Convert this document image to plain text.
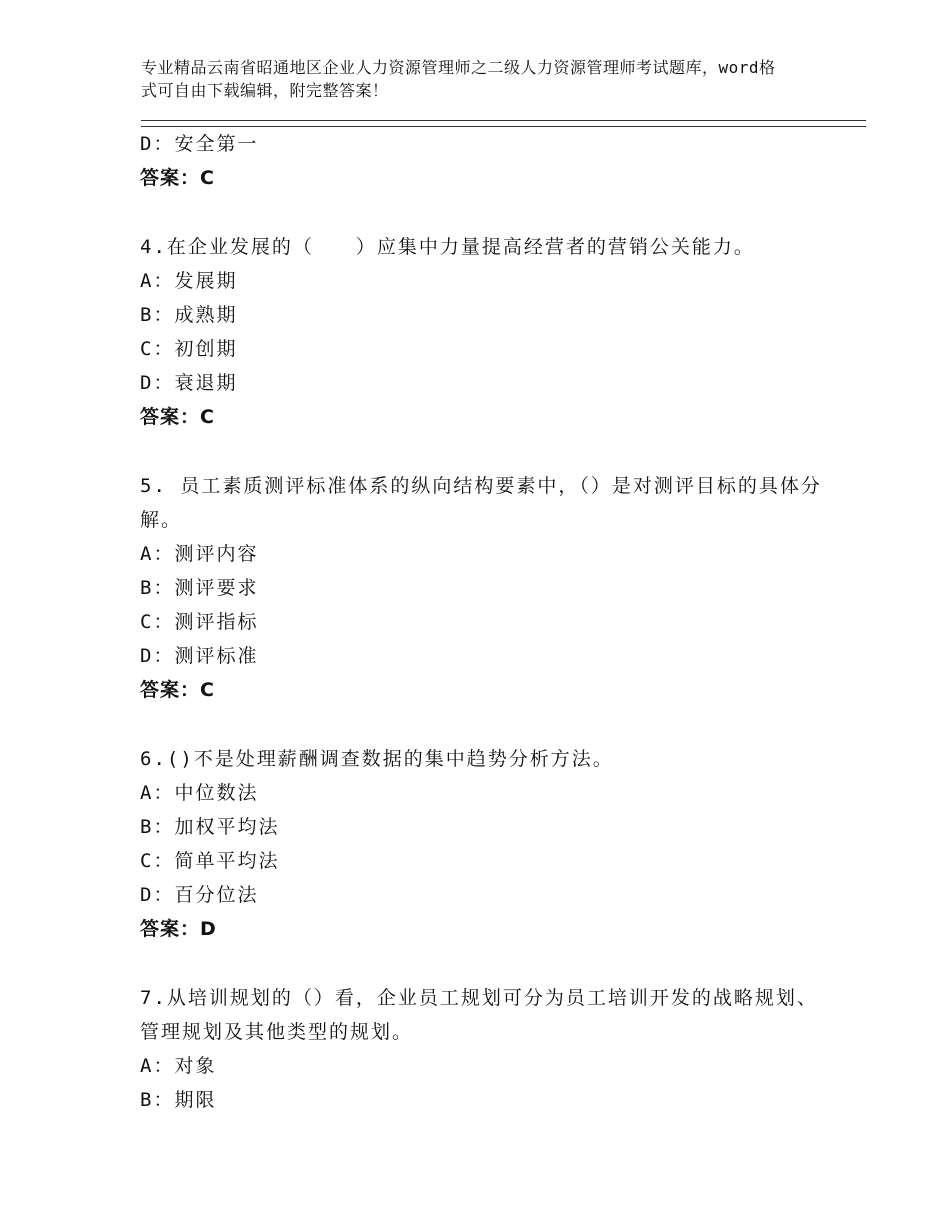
专业精品云南省昭通地区企业人力资源管理师之二级人力资源管理师考试题库，word格式可自由下载编辑，附完整答案！
D：安全第一
答案：C
4.在企业发展的（　　）应集中力量提高经营者的营销公关能力。
A：发展期
B：成熟期
C：初创期
D：衰退期
答案：C
5. 员工素质测评标准体系的纵向结构要素中，（）是对测评目标的具体分解。
A：测评内容
B：测评要求
C：测评指标
D：测评标准
答案：C
6.()不是处理薪酬调查数据的集中趋势分析方法。
A：中位数法
B：加权平均法
C：简单平均法
D：百分位法
答案：D
7.从培训规划的（）看，企业员工规划可分为员工培训开发的战略规划、管理规划及其他类型的规划。
A：对象
B：期限
